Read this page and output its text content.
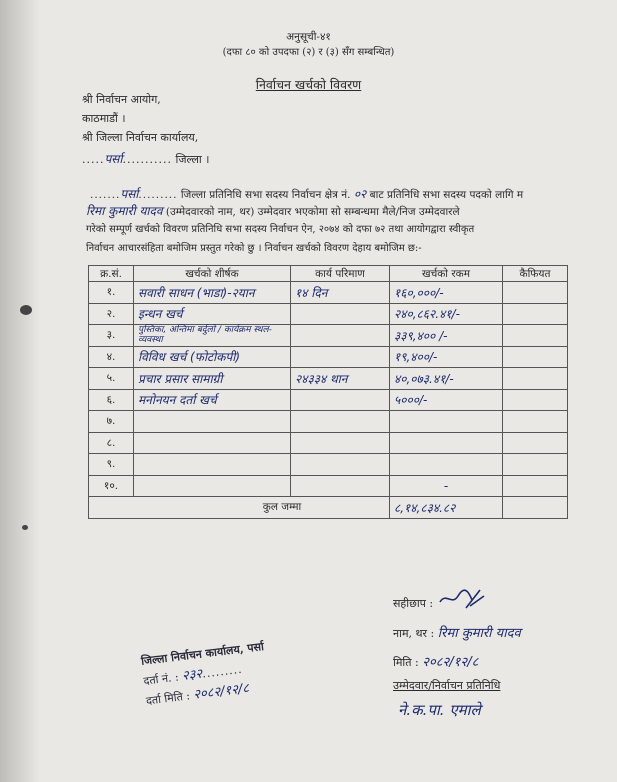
अनुसूची-४१
(दफा ८० को उपदफा (२) र (३) सँग सम्बन्धित)
निर्वाचन खर्चको विवरण
श्री निर्वाचन आयोग,
काठमाडौं ।
श्री जिल्ला निर्वाचन कार्यालय,
.....पर्सा........... जिल्ला ।
.......पर्सा......... जिल्ला प्रतिनिधि सभा सदस्य निर्वाचन क्षेत्र नं. ०२ बाट प्रतिनिधि सभा सदस्य पदको लागि म
रिमा कुमारी यादव (उम्मेदवारको नाम, थर) उम्मेदवार भएकोमा सो सम्बन्धमा मैले/निज उम्मेदवारले
गरेको सम्पूर्ण खर्चको विवरण प्रतिनिधि सभा सदस्य निर्वाचन ऐन, २०७४ को दफा ७२ तथा आयोगद्वारा स्वीकृत
निर्वाचन आचारसंहिता बमोजिम प्रस्तुत गरेको छु । निर्वाचन खर्चको विवरण देहाय बमोजिम छ:-
क्र.सं.	खर्चको शीर्षक	कार्य परिमाण	खर्चको रकम	कैफियत
१.	सवारी साधन (भाडा)-२यान	१४ दिन	१६०,०००/-	
२.	इन्धन खर्च		२४०,८६२.४१/-	
३.	पुस्तिका, अन्तिमा बर्दुलो / कार्यक्रम स्थल-व्यवस्था		३३९,४०० /-	
४.	विविध खर्च (फोटोकपी)		१९,४००/-	
५.	प्रचार प्रसार सामाग्री	२४३३४ थान	४०,०७३.४१/-	
६.	मनोनयन दर्ता खर्च		५०००/-	
७.				
८.				
९.				
१०.			-	
कुल जम्मा			८,१४,८३४.८२	
सहीछाप :
नाम, थर : रिमा कुमारी यादव
मिति : २०८२/१२/८
उम्मेदवार/निर्वाचन प्रतिनिधि
ने.क.पा. एमाले
जिल्ला निर्वाचन कार्यालय, पर्सा
दर्ता नं. : २३२.........
दर्ता मिति : २०८२/१२/८
